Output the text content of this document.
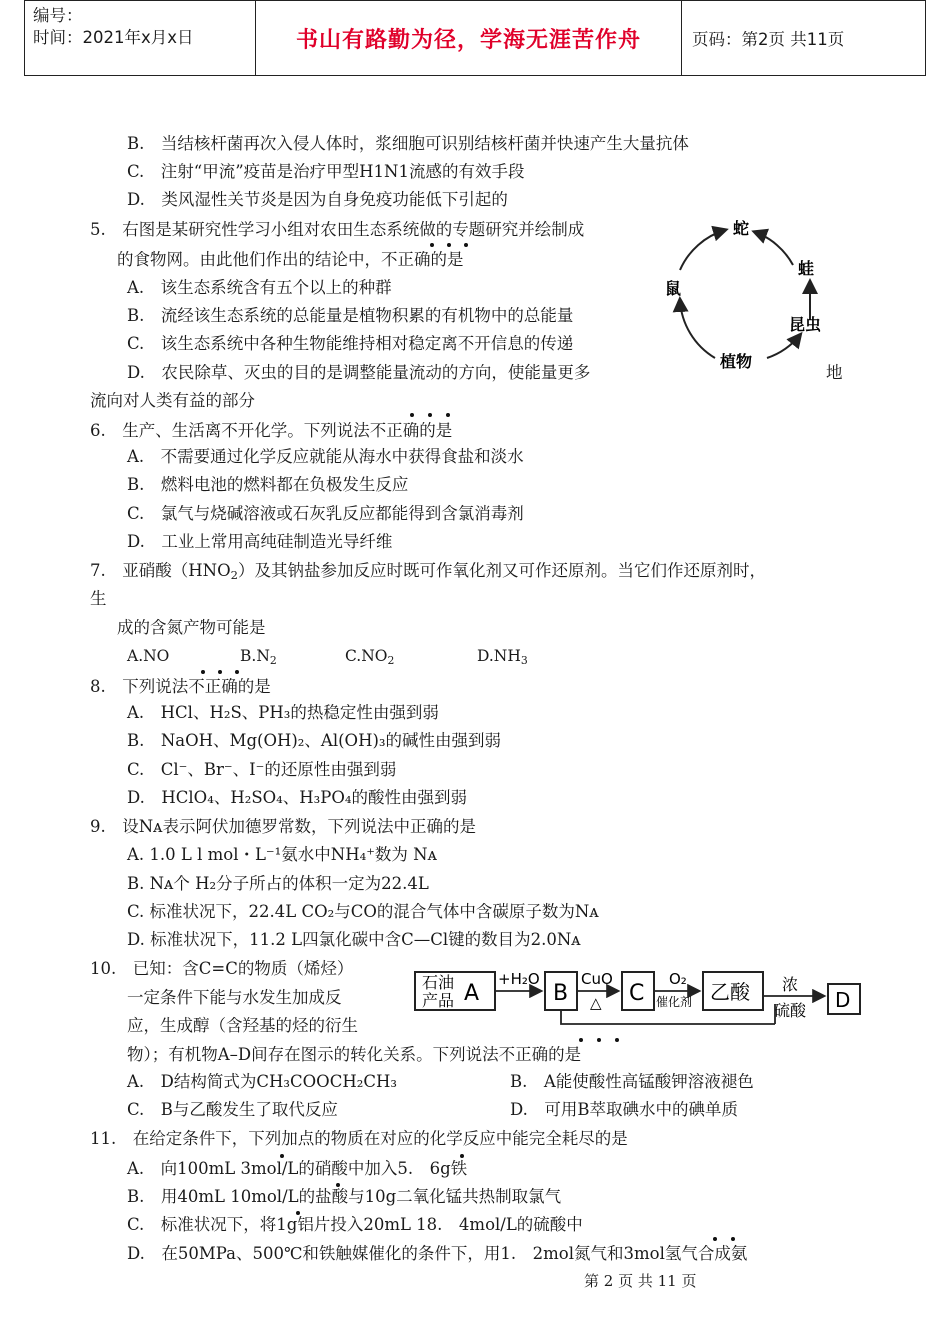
编号：
时间：2021年x月x日	书山有路勤为径，学海无涯苦作舟	页码：第2页 共11页
B.　当结核杆菌再次入侵人体时，浆细胞可识别结核杆菌并快速产生大量抗体
C.　注射“甲流”疫苗是治疗甲型H1N1流感的有效手段
D.　类风湿性关节炎是因为自身免疫功能低下引起的
5.　右图是某研究性学习小组对农田生态系统做的专题研究并绘制成
的食物网。由此他们作出的结论中，不正确的是
A.　该生态系统含有五个以上的种群
B.　流经该生态系统的总能量是植物积累的有机物中的总能量
C.　该生态系统中各种生物能维持相对稳定离不开信息的传递
D.　农民除草、灭虫的目的是调整能量流动的方向，使能量更多	地
流向对人类有益的部分
蛇
蛙
昆虫
植物
鼠
6.　生产、生活离不开化学。下列说法不正确的是
A.　不需要通过化学反应就能从海水中获得食盐和淡水
B.　燃料电池的燃料都在负极发生反应
C.　氯气与烧碱溶液或石灰乳反应都能得到含氯消毒剂
D.　工业上常用高纯硅制造光导纤维
7.　亚硝酸$(HNO_2)$及其钠盐参加反应时既可作氧化剂又可作还原剂。当它们作还原剂时，
生
成的含氮产物可能是
A.NO	$B.N_2$	$C.NO_2$	$D.NH_3$
8.　下列说法不正确的是
A.　HCl、H₂S、PH₃的热稳定性由强到弱
B.　NaOH、Mg(OH)₂、Al(OH)₃的碱性由强到弱
C.　Cl⁻、Br⁻、I⁻的还原性由强到弱
D.　HClO₄、H₂SO₄、H₃PO₄的酸性由强到弱
9.　设Nᴀ表示阿伏加德罗常数，下列说法中正确的是
A. 1.0 L l mol・L⁻¹氨水中NH₄⁺数为 Nᴀ
B. Nᴀ个 H₂分子所占的体积一定为22.4L
C. 标准状况下，22.4L CO₂与CO的混合气体中含碳原子数为Nᴀ
D. 标准状况下，11.2 L四氯化碳中含C—Cl键的数目为2.0Nᴀ
10.　已知：含C=C的物质（烯烃）
一定条件下能与水发生加成反
应，生成醇（含羟基的烃的衍生
物）；有机物A–D间存在图示的转化关系。下列说法不正确的是
A.　D结构简式为CH₃COOCH₂CH₃	B.　A能使酸性高锰酸钾溶液褪色
C.　B与乙酸发生了取代反应	D.　可用B萃取碘水中的碘单质
石油
产品 A
+H₂O
B
CuO
△ C
O₂
催化剂 乙酸 浓
硫酸 D
11.　在给定条件下，下列加点的物质在对应的化学反应中能完全耗尽的是
A.　向100mL 3mol/L的硝酸中加入5.　6g铁
B.　用40mL 10mol/L的盐酸与10g二氧化锰共热制取氯气
C.　标准状况下，将1g铝片投入20mL 18.　4mol/L的硫酸中
D.　在50MPa、500℃和铁触媒催化的条件下，用1.　2mol氮气和3mol氢气合成氨
第 2 页 共 11 页
